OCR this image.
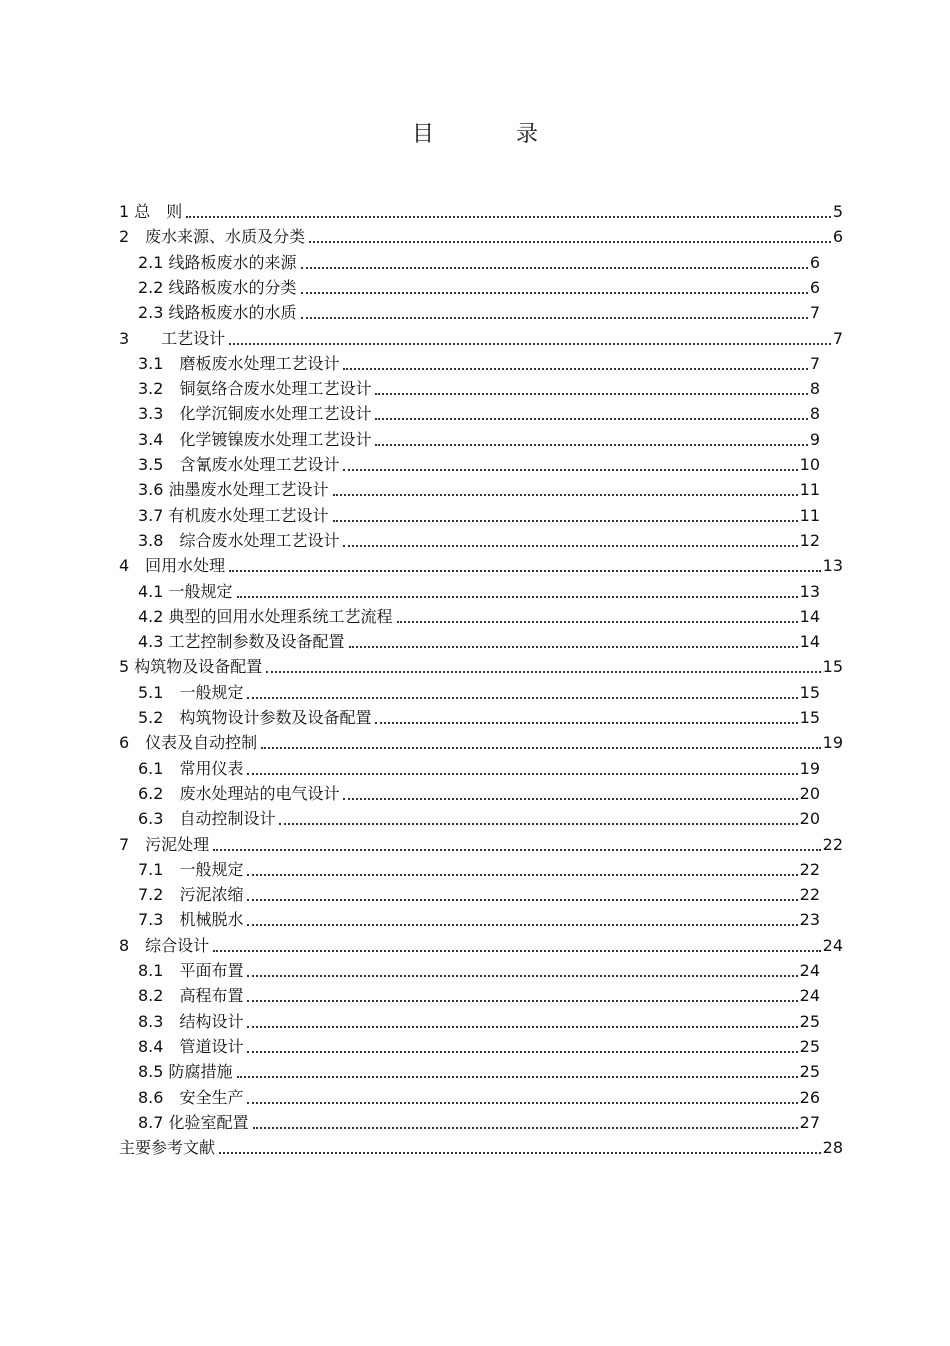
目　录
1 总　则	5
2　废水来源、水质及分类	6
2.1 线路板废水的来源	6
2.2 线路板废水的分类	6
2.3 线路板废水的水质	7
3　　工艺设计	7
3.1　磨板废水处理工艺设计	7
3.2　铜氨络合废水处理工艺设计	8
3.3　化学沉铜废水处理工艺设计	8
3.4　化学镀镍废水处理工艺设计	9
3.5　含氰废水处理工艺设计	10
3.6 油墨废水处理工艺设计	11
3.7 有机废水处理工艺设计	11
3.8　综合废水处理工艺设计	12
4　回用水处理	13
4.1 一般规定	13
4.2 典型的回用水处理系统工艺流程	14
4.3 工艺控制参数及设备配置	14
5 构筑物及设备配置	15
5.1　一般规定	15
5.2　构筑物设计参数及设备配置	15
6　仪表及自动控制	19
6.1　常用仪表	19
6.2　废水处理站的电气设计	20
6.3　自动控制设计	20
7　污泥处理	22
7.1　一般规定	22
7.2　污泥浓缩	22
7.3　机械脱水	23
8　综合设计	24
8.1　平面布置	24
8.2　高程布置	24
8.3　结构设计	25
8.4　管道设计	25
8.5 防腐措施	25
8.6　安全生产	26
8.7 化验室配置	27
主要参考文献	28
